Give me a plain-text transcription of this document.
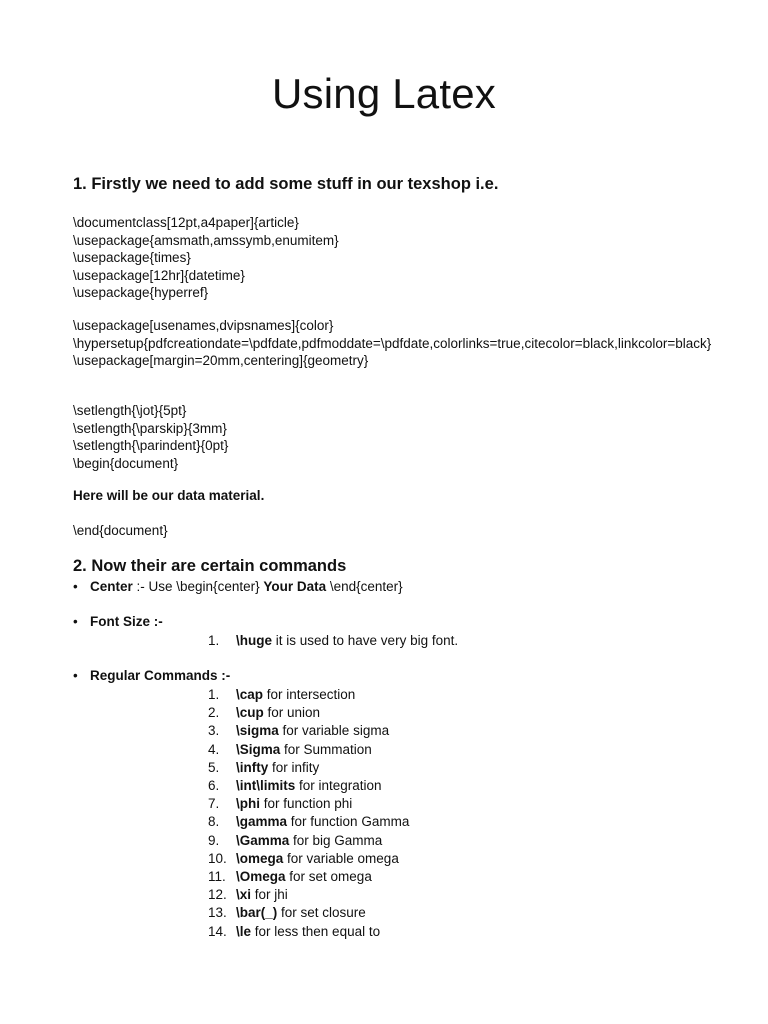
Using Latex
1. Firstly we need to add some stuff in our texshop i.e.
\documentclass[12pt,a4paper]{article}
\usepackage{amsmath,amssymb,enumitem}
\usepackage{times}
\usepackage[12hr]{datetime}
\usepackage{hyperref}
\usepackage[usenames,dvipsnames]{color}
\hypersetup{pdfcreationdate=\pdfdate,pdfmoddate=\pdfdate,colorlinks=true,citecolor=black,linkcolor=black}
\usepackage[margin=20mm,centering]{geometry}
\setlength{\jot}{5pt}
\setlength{\parskip}{3mm}
\setlength{\parindent}{0pt}
\begin{document}
Here will be our data material.
\end{document}
2. Now their are certain commands
• Center :- Use \begin{center} Your Data \end{center}
• Font Size :-
1. \huge it is used to have very big font.
• Regular Commands :-
1. \cap for intersection
2. \cup for union
3. \sigma for variable sigma
4. \Sigma for Summation
5. \infty for infity
6. \int\limits for integration
7. \phi for function phi
8. \gamma for function Gamma
9. \Gamma for big Gamma
10. \omega for variable omega
11. \Omega for set omega
12. \xi for jhi
13. \bar(_) for set closure
14. \le for less then equal to
